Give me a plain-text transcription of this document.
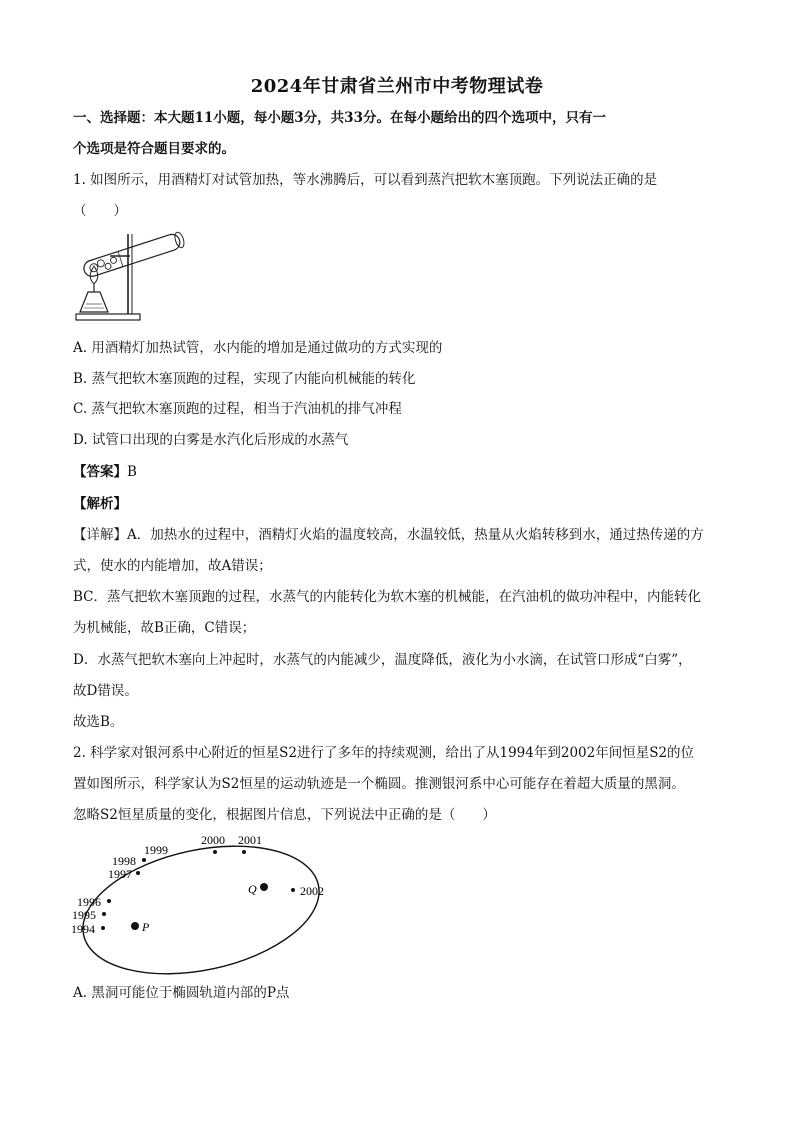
2024年甘肃省兰州市中考物理试卷
一、选择题：本大题11小题，每小题3分，共33分。在每小题给出的四个选项中，只有一
个选项是符合题目要求的。
1. 如图所示，用酒精灯对试管加热，等水沸腾后，可以看到蒸汽把软木塞顶跑。下列说法正确的是
（　　）
A. 用酒精灯加热试管，水内能的增加是通过做功的方式实现的
B. 蒸气把软木塞顶跑的过程，实现了内能向机械能的转化
C. 蒸气把软木塞顶跑的过程，相当于汽油机的排气冲程
D. 试管口出现的白雾是水汽化后形成的水蒸气
【答案】B
【解析】
【详解】A．加热水的过程中，酒精灯火焰的温度较高，水温较低，热量从火焰转移到水，通过热传递的方
式，使水的内能增加，故A错误；
BC．蒸气把软木塞顶跑的过程，水蒸气的内能转化为软木塞的机械能，在汽油机的做功冲程中，内能转化
为机械能，故B正确，C错误；
D．水蒸气把软木塞向上冲起时，水蒸气的内能减少，温度降低，液化为小水滴，在试管口形成“白雾”，
故D错误。
故选B。
2. 科学家对银河系中心附近的恒星S2进行了多年的持续观测，给出了从1994年到2002年间恒星S2的位
置如图所示，科学家认为S2恒星的运动轨迹是一个椭圆。推测银河系中心可能存在着超大质量的黑洞。
忽略S2恒星质量的变化，根据图片信息，下列说法中正确的是（　　）
1994
1995
1996
1997
1998
1999
2000 2001
2002
P
Q
A. 黑洞可能位于椭圆轨道内部的P点
